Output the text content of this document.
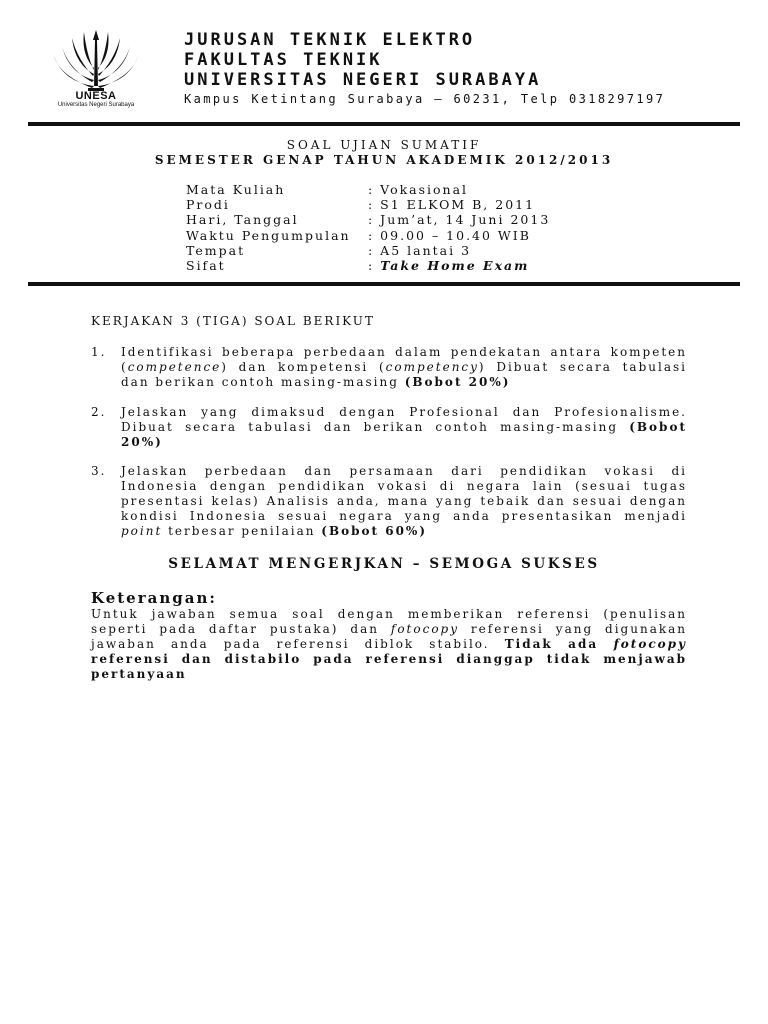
UNESA
Universitas Negeri Surabaya
JURUSAN TEKNIK ELEKTRO
FAKULTAS TEKNIK
UNIVERSITAS NEGERI SURABAYA
Kampus Ketintang Surabaya – 60231, Telp 0318297197
SOAL UJIAN SUMATIF
SEMESTER GENAP TAHUN AKADEMIK 2012/2013
Mata Kuliah	: Vokasional
Prodi	: S1 ELKOM B, 2011
Hari, Tanggal	: Jum’at, 14 Juni 2013
Waktu Pengumpulan : 09.00 – 10.40 WIB
Tempat	: A5 lantai 3
Sifat	: Take Home Exam
KERJAKAN 3 (TIGA) SOAL BERIKUT
1.	Identifikasi beberapa perbedaan dalam pendekatan antara kompeten (competence) dan kompetensi (competency) Dibuat secara tabulasi dan berikan contoh masing-masing (Bobot 20%)
2.	Jelaskan yang dimaksud dengan Profesional dan Profesionalisme. Dibuat secara tabulasi dan berikan contoh masing-masing (Bobot 20%)
3.	Jelaskan perbedaan dan persamaan dari pendidikan vokasi di Indonesia dengan pendidikan vokasi di negara lain (sesuai tugas presentasi kelas) Analisis anda, mana yang tebaik dan sesuai dengan kondisi Indonesia sesuai negara yang anda presentasikan menjadi point terbesar penilaian (Bobot 60%)
SELAMAT MENGERJKAN – SEMOGA SUKSES
Keterangan:
Untuk jawaban semua soal dengan memberikan referensi (penulisan seperti pada daftar pustaka) dan fotocopy referensi yang digunakan jawaban anda pada referensi diblok stabilo. Tidak ada fotocopy referensi dan distabilo pada referensi dianggap tidak menjawab pertanyaan
